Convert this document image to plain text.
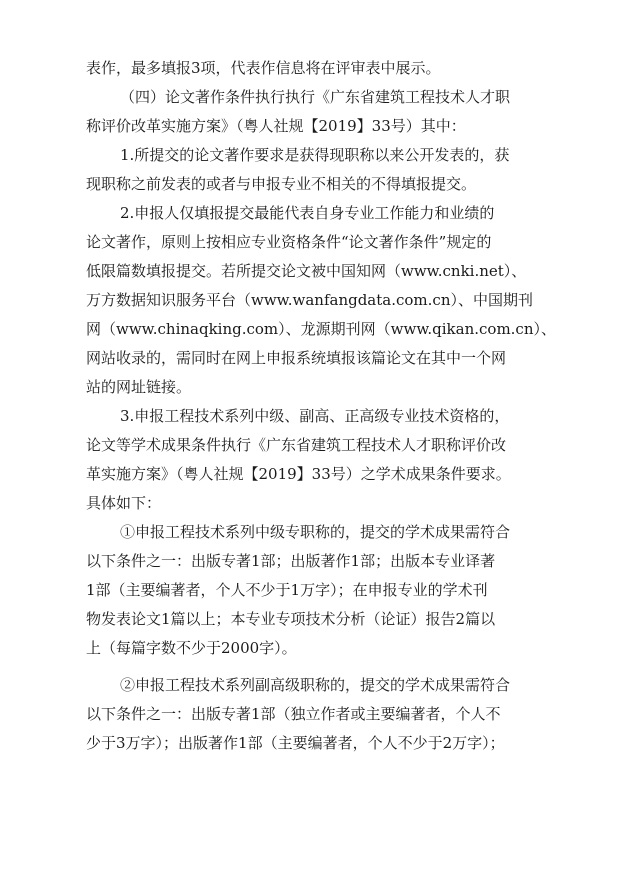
表作，最多填报3项，代表作信息将在评审表中展示。
（四）论文著作条件执行执行《广东省建筑工程技术人才职
称评价改革实施方案》（粤人社规【2019】33号）其中：
1.所提交的论文著作要求是获得现职称以来公开发表的，获
现职称之前发表的或者与申报专业不相关的不得填报提交。
2.申报人仅填报提交最能代表自身专业工作能力和业绩的
论文著作，原则上按相应专业资格条件“论文著作条件”规定的
低限篇数填报提交。若所提交论文被中国知网（www.cnki.net）、
万方数据知识服务平台（www.wanfangdata.com.cn）、中国期刊
网（www.chinaqking.com）、龙源期刊网（www.qikan.com.cn）、
网站收录的，需同时在网上申报系统填报该篇论文在其中一个网
站的网址链接。
3.申报工程技术系列中级、副高、正高级专业技术资格的，
论文等学术成果条件执行《广东省建筑工程技术人才职称评价改
革实施方案》（粤人社规【2019】33号）之学术成果条件要求。
具体如下：
①申报工程技术系列中级专职称的，提交的学术成果需符合
以下条件之一：出版专著1部；出版著作1部；出版本专业译著
1部（主要编著者，个人不少于1万字）；在申报专业的学术刊
物发表论文1篇以上；本专业专项技术分析（论证）报告2篇以
上（每篇字数不少于2000字）。
②申报工程技术系列副高级职称的，提交的学术成果需符合
以下条件之一：出版专著1部（独立作者或主要编著者，个人不
少于3万字）；出版著作1部（主要编著者，个人不少于2万字）；
